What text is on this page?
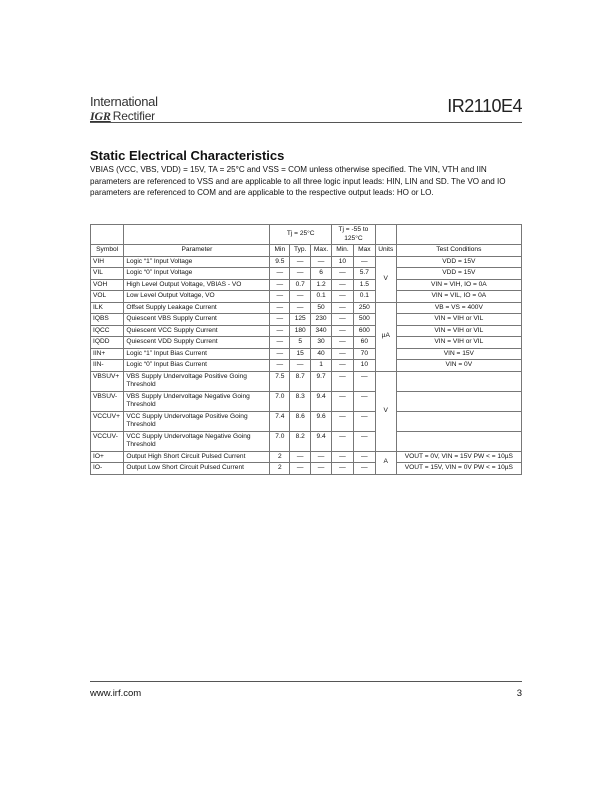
International
IGR Rectifier	IR2110E4
Static Electrical Characteristics
VBIAS (VCC, VBS, VDD) = 15V, TA = 25°C and VSS = COM unless otherwise specified. The VIN, VTH and IIN parameters are referenced to VSS and are applicable to all three logic input leads: HIN, LIN and SD. The VO and IO parameters are referenced to COM and are applicable to the respective output leads: HO or LO.
		Tj = 25°C			Tj = -55 to 125°C			
Symbol	Parameter	Min	Typ.	Max.	Min.	Max	Units	Test Conditions
VIH	Logic “1” Input Voltage	9.5	—	—	10	—	V	VDD = 15V
VIL	Logic “0” Input Voltage	—	—	6	—	5.7		VDD = 15V
VOH	High Level Output Voltage, VBIAS - VO	—	0.7	1.2	—	1.5		VIN = VIH, IO = 0A
VOL	Low Level Output Voltage, VO	—	—	0.1	—	0.1		VIN = VIL, IO = 0A
ILK	Offset Supply Leakage Current	—	—	50	—	250	µA	VB = VS = 400V
IQBS	Quiescent VBS Supply Current	—	125	230	—	500		VIN = VIH or VIL
IQCC	Quiescent VCC Supply Current	—	180	340	—	600		VIN = VIH or VIL
IQDD	Quiescent VDD Supply Current	—	5	30	—	60		VIN = VIH or VIL
IIN+	Logic “1” Input Bias Current	—	15	40	—	70		VIN = 15V
IIN-	Logic “0” Input Bias Current	—	—	1	—	10		VIN = 0V
VBSUV+	VBS Supply Undervoltage Positive Going Threshold	7.5	8.7	9.7	—	—	V	
VBSUV-	VBS Supply Undervoltage Negative Going Threshold	7.0	8.3	9.4	—	—		
VCCUV+	VCC Supply Undervoltage Positive Going Threshold	7.4	8.6	9.6	—	—		
VCCUV-	VCC Supply Undervoltage Negative Going Threshold	7.0	8.2	9.4	—	—		
IO+	Output High Short Circuit Pulsed Current	2	—	—	—	—	A	VOUT = 0V, VIN = 15V PW < = 10µS
IO-	Output Low Short Circuit Pulsed Current	2	—	—	—	—		VOUT = 15V, VIN = 0V PW < = 10µS
www.irf.com	3
